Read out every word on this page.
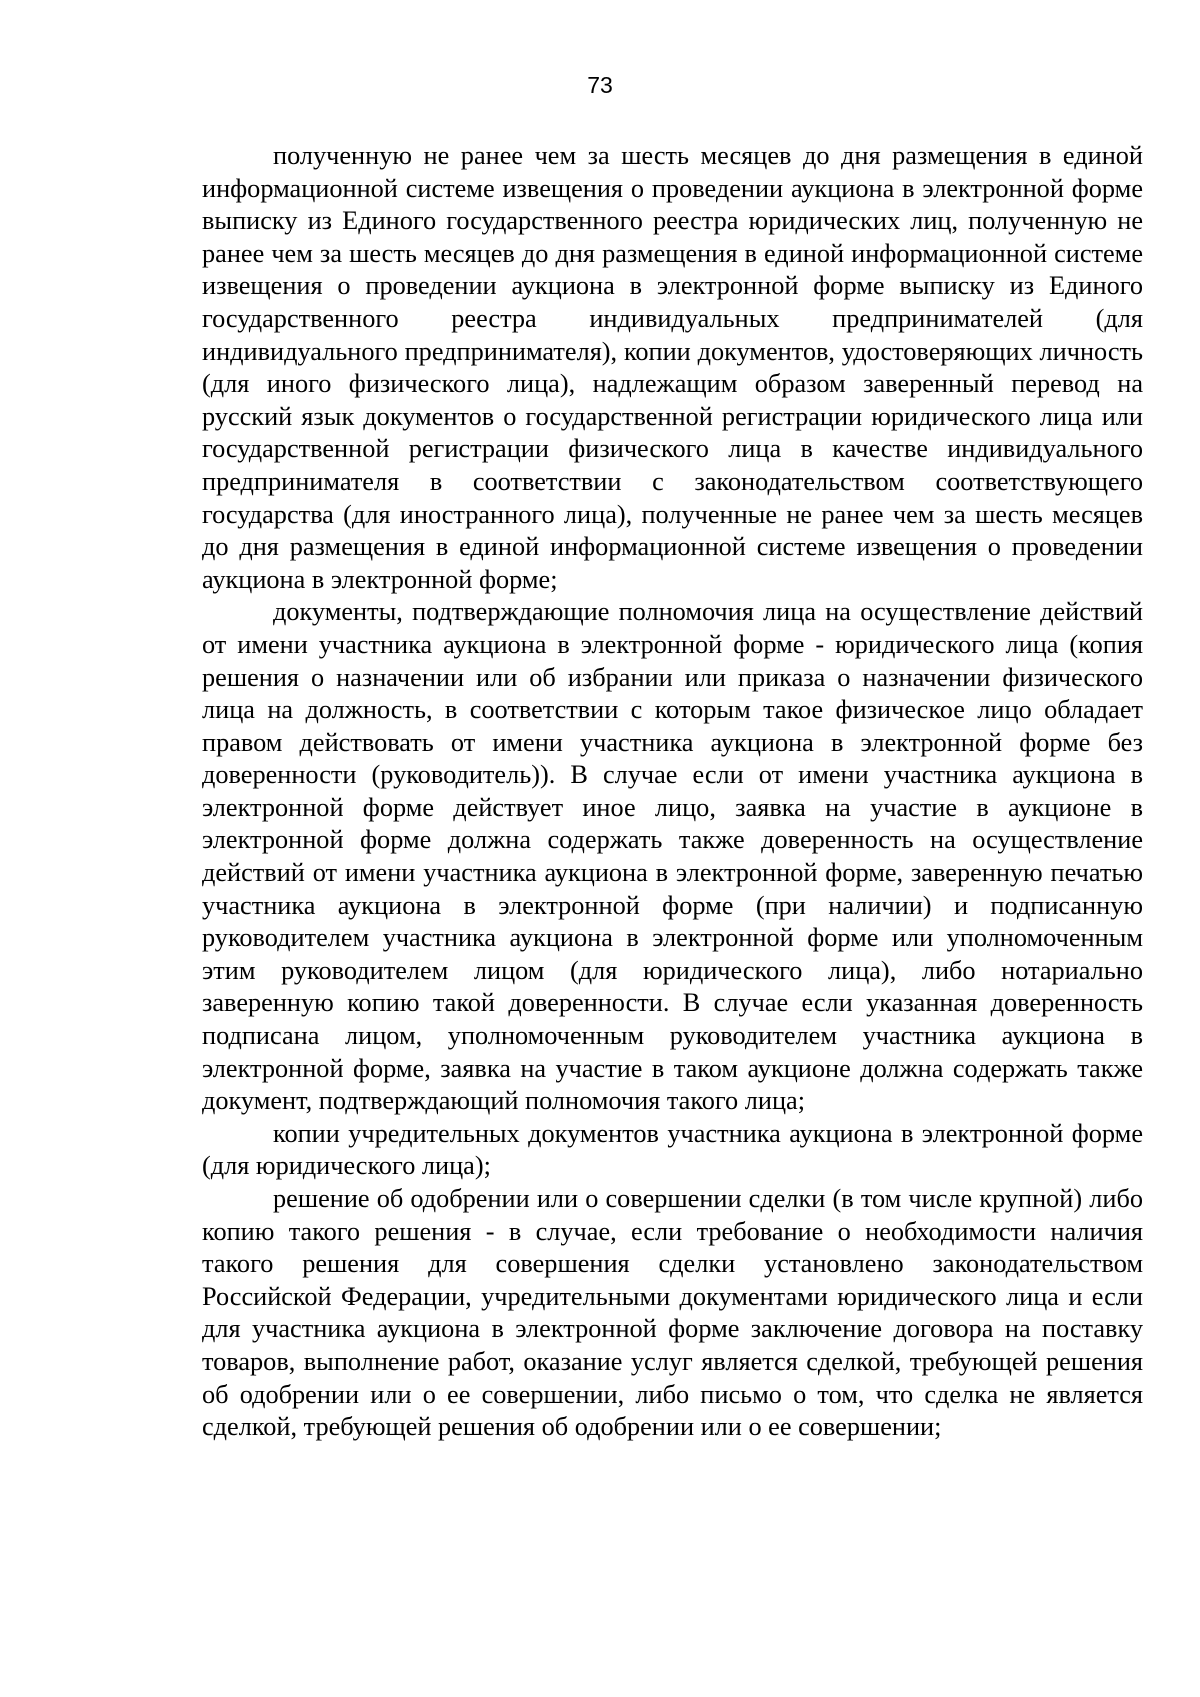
73

полученную не ранее чем за шесть месяцев до дня размещения в единой информационной системе извещения о проведении аукциона в электронной форме выписку из Единого государственного реестра юридических лиц, полученную не ранее чем за шесть месяцев до дня размещения в единой информационной системе извещения о проведении аукциона в электронной форме выписку из Единого государственного реестра индивидуальных предпринимателей (для индивидуального предпринимателя), копии документов, удостоверяющих личность (для иного физического лица), надлежащим образом заверенный перевод на русский язык документов о государственной регистрации юридического лица или государственной регистрации физического лица в качестве индивидуального предпринимателя в соответствии с законодательством соответствующего государства (для иностранного лица), полученные не ранее чем за шесть месяцев до дня размещения в единой информационной системе извещения о проведении аукциона в электронной форме;

документы, подтверждающие полномочия лица на осуществление действий от имени участника аукциона в электронной форме - юридического лица (копия решения о назначении или об избрании или приказа о назначении физического лица на должность, в соответствии с которым такое физическое лицо обладает правом действовать от имени участника аукциона в электронной форме без доверенности (руководитель)). В случае если от имени участника аукциона в электронной форме действует иное лицо, заявка на участие в аукционе в электронной форме должна содержать также доверенность на осуществление действий от имени участника аукциона в электронной форме, заверенную печатью участника аукциона в электронной форме (при наличии) и подписанную руководителем участника аукциона в электронной форме или уполномоченным этим руководителем лицом (для юридического лица), либо нотариально заверенную копию такой доверенности. В случае если указанная доверенность подписана лицом, уполномоченным руководителем участника аукциона в электронной форме, заявка на участие в таком аукционе должна содержать также документ, подтверждающий полномочия такого лица;

копии учредительных документов участника аукциона в электронной форме (для юридического лица);

решение об одобрении или о совершении сделки (в том числе крупной) либо копию такого решения - в случае, если требование о необходимости наличия такого решения для совершения сделки установлено законодательством Российской Федерации, учредительными документами юридического лица и если для участника аукциона в электронной форме заключение договора на поставку товаров, выполнение работ, оказание услуг является сделкой, требующей решения об одобрении или о ее совершении, либо письмо о том, что сделка не является сделкой, требующей решения об одобрении или о ее совершении;
